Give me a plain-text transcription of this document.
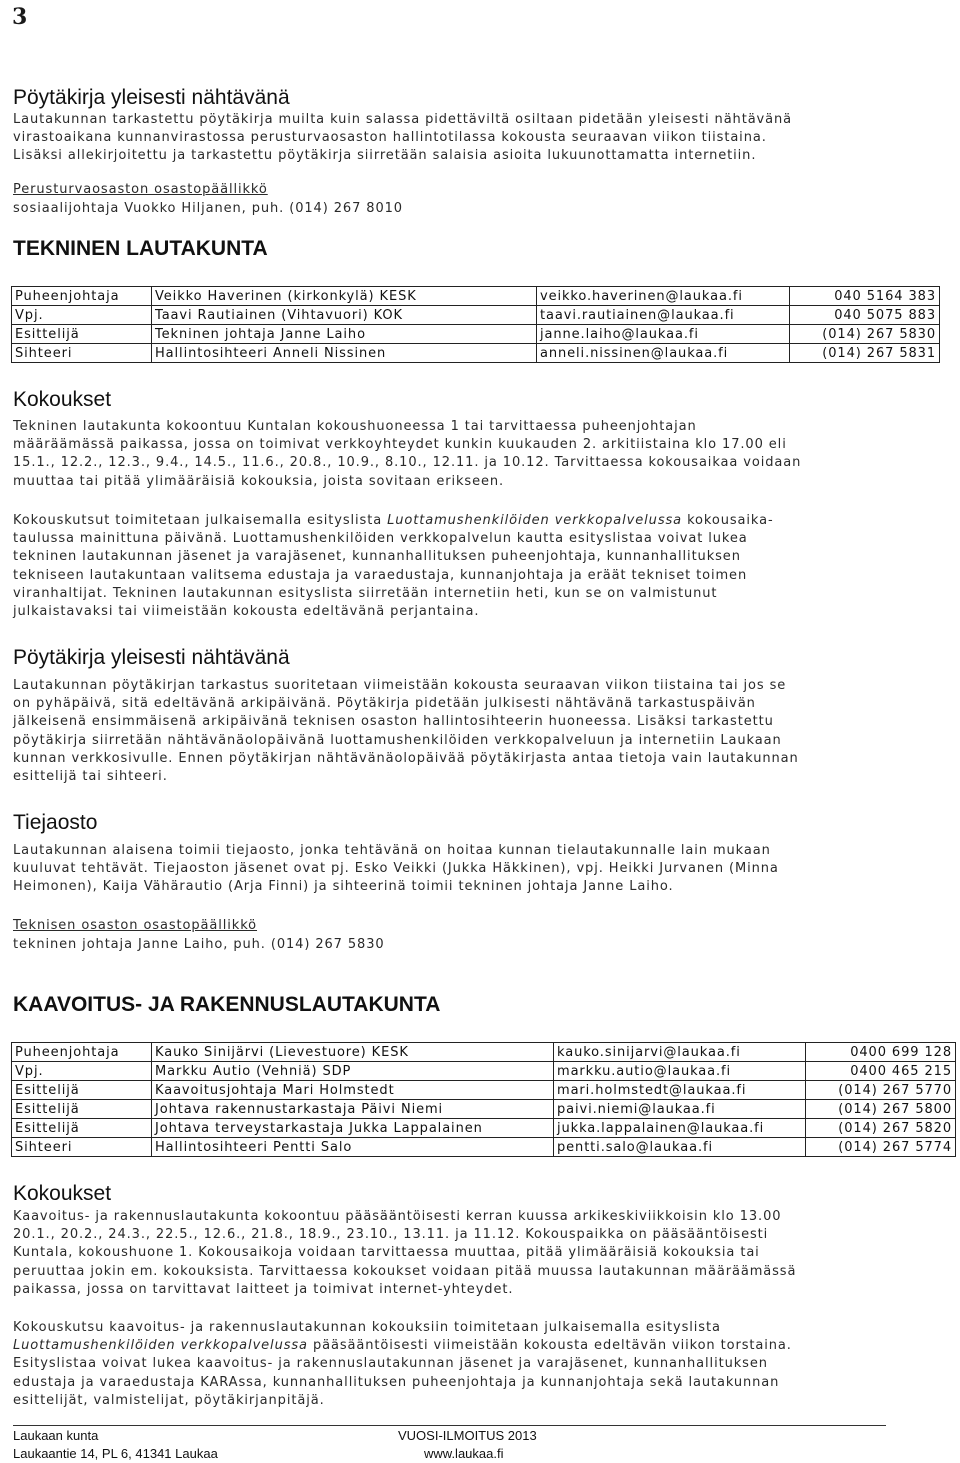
3
Pöytäkirja yleisesti nähtävänä

Lautakunnan tarkastettu pöytäkirja muilta kuin salassa pidettäviltä osiltaan pidetään yleisesti nähtävänä

virastoaikana kunnanvirastossa perusturvaosaston hallintotilassa kokousta seuraavan viikon tiistaina.

Lisäksi allekirjoitettu ja tarkastettu pöytäkirja siirretään salaisia asioita lukuunottamatta internetiin.

Perusturvaosaston osastopäällikkö
sosiaalijohtaja Vuokko Hiljanen, puh. (014) 267 8010
TEKNINEN LAUTAKUNTA
Puheenjohtaja	Veikko Haverinen (kirkonkylä) KESK	veikko.haverinen@laukaa.fi	040 5164 383
Vpj.	Taavi Rautiainen (Vihtavuori) KOK	taavi.rautiainen@laukaa.fi	040 5075 883
Esittelijä	Tekninen johtaja Janne Laiho	janne.laiho@laukaa.fi	(014) 267 5830
Sihteeri	Hallintosihteeri Anneli Nissinen	anneli.nissinen@laukaa.fi	(014) 267 5831
Kokoukset

Tekninen lautakunta kokoontuu Kuntalan kokoushuoneessa 1 tai tarvittaessa puheenjohtajan

määräämässä paikassa, jossa on toimivat verkkoyhteydet kunkin kuukauden 2. arkitiistaina klo 17.00 eli

15.1., 12.2., 12.3., 9.4., 14.5., 11.6., 20.8., 10.9., 8.10., 12.11. ja 10.12. Tarvittaessa kokousaikaa voidaan

muuttaa tai pitää ylimääräisiä kokouksia, joista sovitaan erikseen.

Kokouskutsut toimitetaan julkaisemalla esityslista Luottamushenkilöiden verkkopalvelussa kokousaika-

taulussa mainittuna päivänä. Luottamushenkilöiden verkkopalvelun kautta esityslistaa voivat lukea

tekninen lautakunnan jäsenet ja varajäsenet, kunnanhallituksen puheenjohtaja, kunnanhallituksen

tekniseen lautakuntaan valitsema edustaja ja varaedustaja, kunnanjohtaja ja eräät tekniset toimen

viranhaltijat. Tekninen lautakunnan esityslista siirretään internetiin heti, kun se on valmistunut

julkaistavaksi tai viimeistään kokousta edeltävänä perjantaina.

Pöytäkirja yleisesti nähtävänä

Lautakunnan pöytäkirjan tarkastus suoritetaan viimeistään kokousta seuraavan viikon tiistaina tai jos se

on pyhäpäivä, sitä edeltävänä arkipäivänä. Pöytäkirja pidetään julkisesti nähtävänä tarkastuspäivän

jälkeisenä ensimmäisenä arkipäivänä teknisen osaston hallintosihteerin huoneessa. Lisäksi tarkastettu

pöytäkirja siirretään nähtävänäolopäivänä luottamushenkilöiden verkkopalveluun ja internetiin Laukaan

kunnan verkkosivulle. Ennen pöytäkirjan nähtävänäolopäivää pöytäkirjasta antaa tietoja vain lautakunnan

esittelijä tai sihteeri.

Tiejaosto

Lautakunnan alaisena toimii tiejaosto, jonka tehtävänä on hoitaa kunnan tielautakunnalle lain mukaan

kuuluvat tehtävät. Tiejaoston jäsenet ovat pj. Esko Veikki (Jukka Häkkinen), vpj. Heikki Jurvanen (Minna

Heimonen), Kaija Vähärautio (Arja Finni) ja sihteerinä toimii tekninen johtaja Janne Laiho.

Teknisen osaston osastopäällikkö
tekninen johtaja Janne Laiho, puh. (014) 267 5830
KAAVOITUS- JA RAKENNUSLAUTAKUNTA
Puheenjohtaja	Kauko Sinijärvi (Lievestuore) KESK	kauko.sinijarvi@laukaa.fi	0400 699 128
Vpj.	Markku Autio (Vehniä) SDP	markku.autio@laukaa.fi	0400 465 215
Esittelijä	Kaavoitusjohtaja Mari Holmstedt	mari.holmstedt@laukaa.fi	(014) 267 5770
Esittelijä	Johtava rakennustarkastaja Päivi Niemi	paivi.niemi@laukaa.fi	(014) 267 5800
Esittelijä	Johtava terveystarkastaja Jukka Lappalainen	jukka.lappalainen@laukaa.fi	(014) 267 5820
Sihteeri	Hallintosihteeri Pentti Salo	pentti.salo@laukaa.fi	(014) 267 5774
Kokoukset

Kaavoitus- ja rakennuslautakunta kokoontuu pääsääntöisesti kerran kuussa arkikeskiviikkoisin klo 13.00

20.1., 20.2., 24.3., 22.5., 12.6., 21.8., 18.9., 23.10., 13.11. ja 11.12. Kokouspaikka on pääsääntöisesti

Kuntala, kokoushuone 1. Kokousaikoja voidaan tarvittaessa muuttaa, pitää ylimääräisiä kokouksia tai

peruuttaa jokin em. kokouksista. Tarvittaessa kokoukset voidaan pitää muussa lautakunnan määräämässä

paikassa, jossa on tarvittavat laitteet ja toimivat internet-yhteydet.

Kokouskutsu kaavoitus- ja rakennuslautakunnan kokouksiin toimitetaan julkaisemalla esityslista

Luottamushenkilöiden verkkopalvelussa pääsääntöisesti viimeistään kokousta edeltävän viikon torstaina.

Esityslistaa voivat lukea kaavoitus- ja rakennuslautakunnan jäsenet ja varajäsenet, kunnanhallituksen

edustaja ja varaedustaja KARAssa, kunnanhallituksen puheenjohtaja ja kunnanjohtaja sekä lautakunnan

esittelijät, valmistelijat, pöytäkirjanpitäjä.

Laukaan kunta	VUOSI-ILMOITUS 2013
Laukaantie 14, PL 6, 41341 Laukaa	www.laukaa.fi
